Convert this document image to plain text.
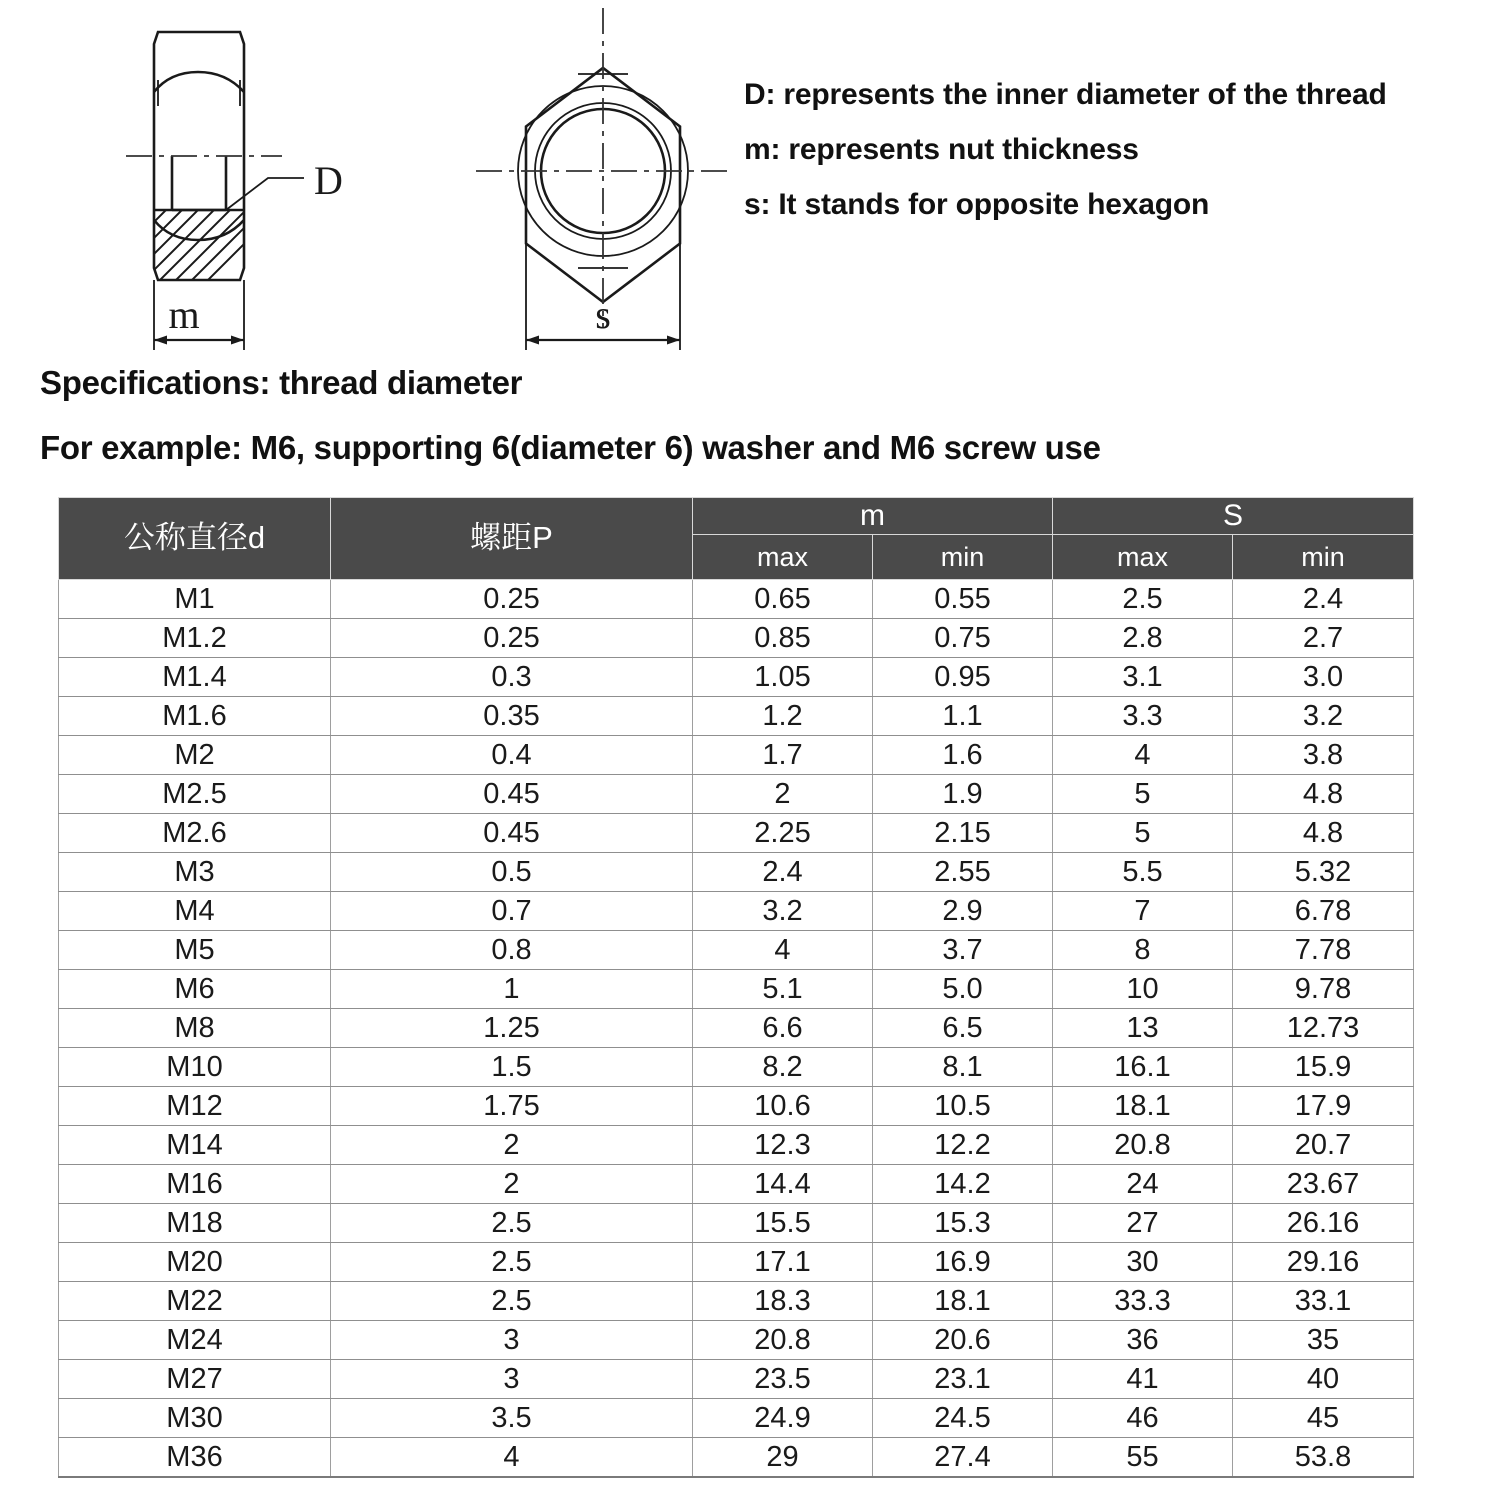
D
m	s
D: represents the inner diameter of the thread
m: represents nut thickness
s: It stands for opposite hexagon
Specifications: thread diameter
For example: M6, supporting 6(diameter 6) washer and M6 screw use
公称直径d	螺距P	m		S	
		max	min	max	min
M1	0.25	0.65	0.55	2.5	2.4
M1.2	0.25	0.85	0.75	2.8	2.7
M1.4	0.3	1.05	0.95	3.1	3.0
M1.6	0.35	1.2	1.1	3.3	3.2
M2	0.4	1.7	1.6	4	3.8
M2.5	0.45	2	1.9	5	4.8
M2.6	0.45	2.25	2.15	5	4.8
M3	0.5	2.4	2.55	5.5	5.32
M4	0.7	3.2	2.9	7	6.78
M5	0.8	4	3.7	8	7.78
M6	1	5.1	5.0	10	9.78
M8	1.25	6.6	6.5	13	12.73
M10	1.5	8.2	8.1	16.1	15.9
M12	1.75	10.6	10.5	18.1	17.9
M14	2	12.3	12.2	20.8	20.7
M16	2	14.4	14.2	24	23.67
M18	2.5	15.5	15.3	27	26.16
M20	2.5	17.1	16.9	30	29.16
M22	2.5	18.3	18.1	33.3	33.1
M24	3	20.8	20.6	36	35
M27	3	23.5	23.1	41	40
M30	3.5	24.9	24.5	46	45
M36	4	29	27.4	55	53.8
